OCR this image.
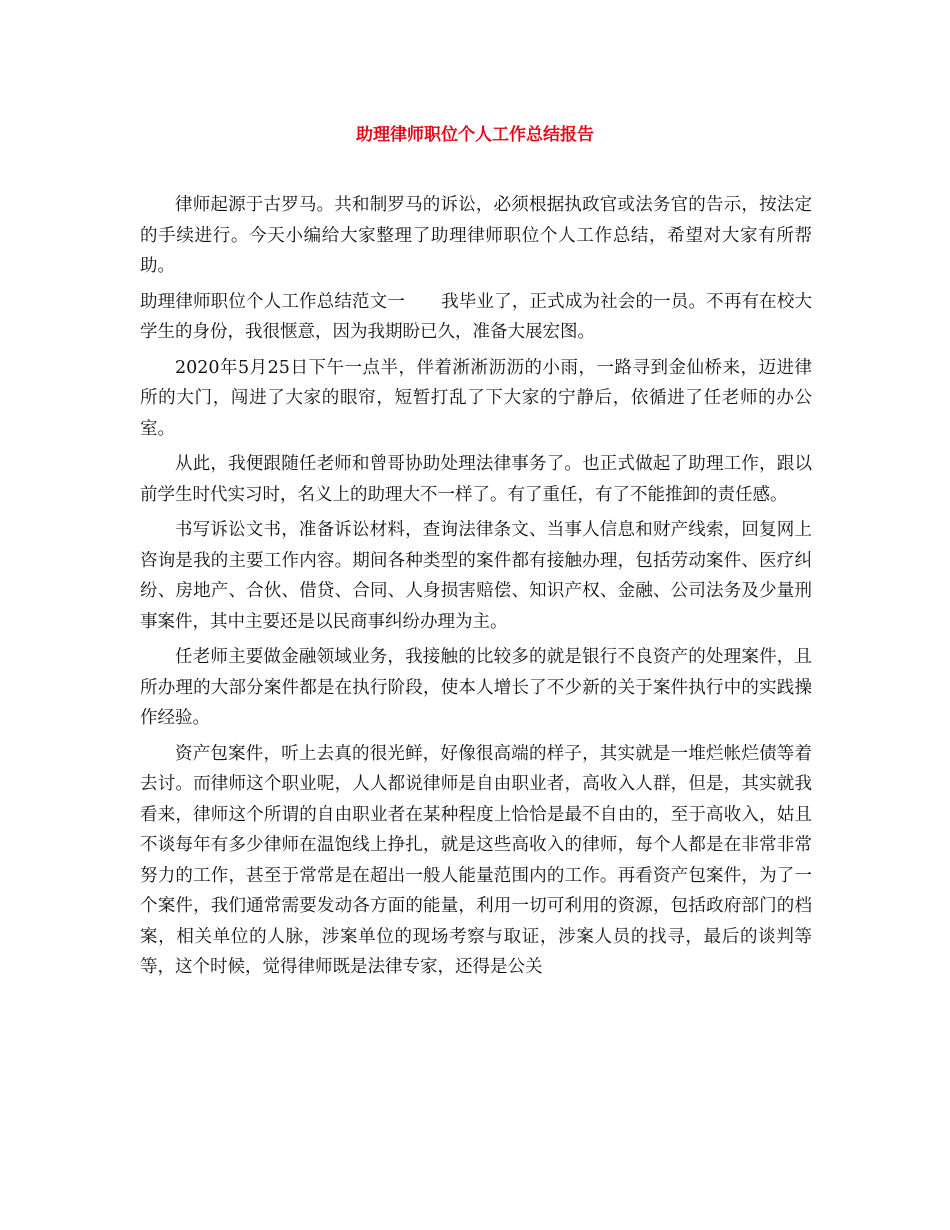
助理律师职位个人工作总结报告

律师起源于古罗马。共和制罗马的诉讼，必须根据执政官或法务官的告示，按法定的手续进行。今天小编给大家整理了助理律师职位个人工作总结，希望对大家有所帮助。

助理律师职位个人工作总结范文一 我毕业了，正式成为社会的一员。不再有在校大学生的身份，我很惬意，因为我期盼已久，准备大展宏图。

2020年5月25日下午一点半，伴着淅淅沥沥的小雨，一路寻到金仙桥来，迈进律所的大门，闯进了大家的眼帘，短暂打乱了下大家的宁静后，依循进了任老师的办公室。

从此，我便跟随任老师和曾哥协助处理法律事务了。也正式做起了助理工作，跟以前学生时代实习时，名义上的助理大不一样了。有了重任，有了不能推卸的责任感。

书写诉讼文书，准备诉讼材料，查询法律条文、当事人信息和财产线索，回复网上咨询是我的主要工作内容。期间各种类型的案件都有接触办理，包括劳动案件、医疗纠纷、房地产、合伙、借贷、合同、人身损害赔偿、知识产权、金融、公司法务及少量刑事案件，其中主要还是以民商事纠纷办理为主。

任老师主要做金融领域业务，我接触的比较多的就是银行不良资产的处理案件，且所办理的大部分案件都是在执行阶段，使本人增长了不少新的关于案件执行中的实践操作经验。

资产包案件，听上去真的很光鲜，好像很高端的样子，其实就是一堆烂帐烂债等着去讨。而律师这个职业呢，人人都说律师是自由职业者，高收入人群，但是，其实就我看来，律师这个所谓的自由职业者在某种程度上恰恰是最不自由的，至于高收入，姑且不谈每年有多少律师在温饱线上挣扎，就是这些高收入的律师，每个人都是在非常非常努力的工作，甚至于常常是在超出一般人能量范围内的工作。再看资产包案件，为了一个案件，我们通常需要发动各方面的能量，利用一切可利用的资源，包括政府部门的档案，相关单位的人脉，涉案单位的现场考察与取证，涉案人员的找寻，最后的谈判等等，这个时候，觉得律师既是法律专家，还得是公关
